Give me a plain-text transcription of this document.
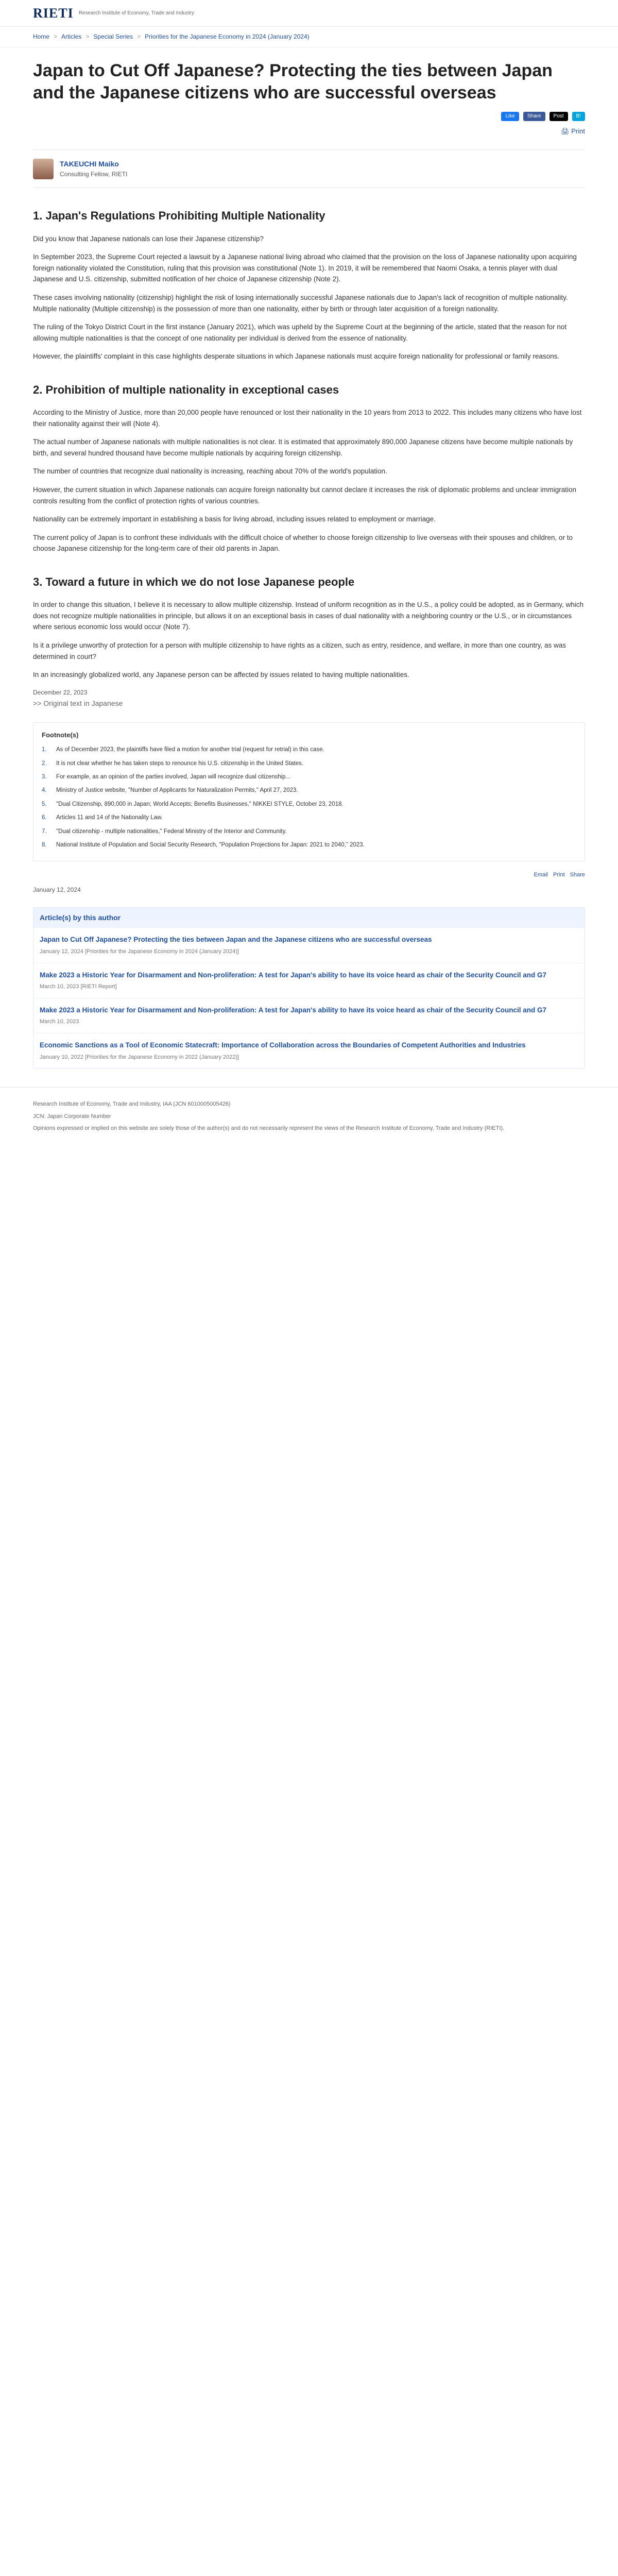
RIETI Research Institute of Economy, Trade and Industry
Home > Articles > Special Series > Priorities for the Japanese Economy in 2024 (January 2024)
Japan to Cut Off Japanese? Protecting the ties between Japan and the Japanese citizens who are successful overseas
Like	Share	Post	B!
🖨 Print
TAKEUCHI Maiko
Consulting Fellow, RIETI
1. Japan's Regulations Prohibiting Multiple Nationality

Did you know that Japanese nationals can lose their Japanese citizenship?

In September 2023, the Supreme Court rejected a lawsuit by a Japanese national living abroad who claimed that the provision on the loss of Japanese nationality upon acquiring foreign nationality violated the Constitution, ruling that this provision was constitutional (Note 1). In 2019, it will be remembered that Naomi Osaka, a tennis player with dual Japanese and U.S. citizenship, submitted notification of her choice of Japanese citizenship (Note 2).

These cases involving nationality (citizenship) highlight the risk of losing internationally successful Japanese nationals due to Japan's lack of recognition of multiple nationality. Multiple nationality (Multiple citizenship) is the possession of more than one nationality, either by birth or through later acquisition of a foreign nationality.

The ruling of the Tokyo District Court in the first instance (January 2021), which was upheld by the Supreme Court at the beginning of the article, stated that the reason for not allowing multiple nationalities is that the concept of one nationality per individual is derived from the essence of nationality.

However, the plaintiffs' complaint in this case highlights desperate situations in which Japanese nationals must acquire foreign nationality for professional or family reasons.

2. Prohibition of multiple nationality in exceptional cases

According to the Ministry of Justice, more than 20,000 people have renounced or lost their nationality in the 10 years from 2013 to 2022. This includes many citizens who have lost their nationality against their will (Note 4).

The actual number of Japanese nationals with multiple nationalities is not clear. It is estimated that approximately 890,000 Japanese citizens have become multiple nationals by birth, and several hundred thousand have become multiple nationals by acquiring foreign citizenship.

The number of countries that recognize dual nationality is increasing, reaching about 70% of the world's population.

However, the current situation in which Japanese nationals can acquire foreign nationality but cannot declare it increases the risk of diplomatic problems and unclear immigration controls resulting from the conflict of protection rights of various countries.

Nationality can be extremely important in establishing a basis for living abroad, including issues related to employment or marriage.

The current policy of Japan is to confront these individuals with the difficult choice of whether to choose foreign citizenship to live overseas with their spouses and children, or to choose Japanese citizenship for the long-term care of their old parents in Japan.

3. Toward a future in which we do not lose Japanese people

In order to change this situation, I believe it is necessary to allow multiple citizenship. Instead of uniform recognition as in the U.S., a policy could be adopted, as in Germany, which does not recognize multiple nationalities in principle, but allows it on an exceptional basis in cases of dual nationality with a neighboring country or the U.S., or in circumstances where serious economic loss would occur (Note 7).

Is it a privilege unworthy of protection for a person with multiple citizenship to have rights as a citizen, such as entry, residence, and welfare, in more than one country, as was determined in court?

In an increasingly globalized world, any Japanese person can be affected by issues related to having multiple nationalities.

December 22, 2023
>> Original text in Japanese
Footnote(s)
1.	As of December 2023, the plaintiffs have filed a motion for another trial (request for retrial) in this case.
2.	It is not clear whether he has taken steps to renounce his U.S. citizenship in the United States.
3.	For example, as an opinion of the parties involved, Japan will recognize dual citizenship...
4.	Ministry of Justice website, "Number of Applicants for Naturalization Permits," April 27, 2023.
5.	"Dual Citizenship, 890,000 in Japan; World Accepts; Benefits Businesses," NIKKEI STYLE, October 23, 2018.
6.	Articles 11 and 14 of the Nationality Law.
7.	"Dual citizenship - multiple nationalities," Federal Ministry of the Interior and Community.
8.	National Institute of Population and Social Security Research, "Population Projections for Japan: 2021 to 2040," 2023.
Email Print Share
January 12, 2024
Article(s) by this author
Japan to Cut Off Japanese? Protecting the ties between Japan and the Japanese citizens who are successful overseas
January 12, 2024 [Priorities for the Japanese Economy in 2024 (January 2024)]
Make 2023 a Historic Year for Disarmament and Non-proliferation: A test for Japan's ability to have its voice heard as chair of the Security Council and G7
March 10, 2023 [RIETI Report]
Make 2023 a Historic Year for Disarmament and Non-proliferation: A test for Japan's ability to have its voice heard as chair of the Security Council and G7
March 10, 2023
Economic Sanctions as a Tool of Economic Statecraft: Importance of Collaboration across the Boundaries of Competent Authorities and Industries
January 10, 2022 [Priorities for the Japanese Economy in 2022 (January 2022)]
Research Institute of Economy, Trade and Industry, IAA (JCN 6010005005426)
JCN: Japan Corporate Number
Opinions expressed or implied on this website are solely those of the author(s) and do not necessarily represent the views of the Research Institute of Economy, Trade and Industry (RIETI).
